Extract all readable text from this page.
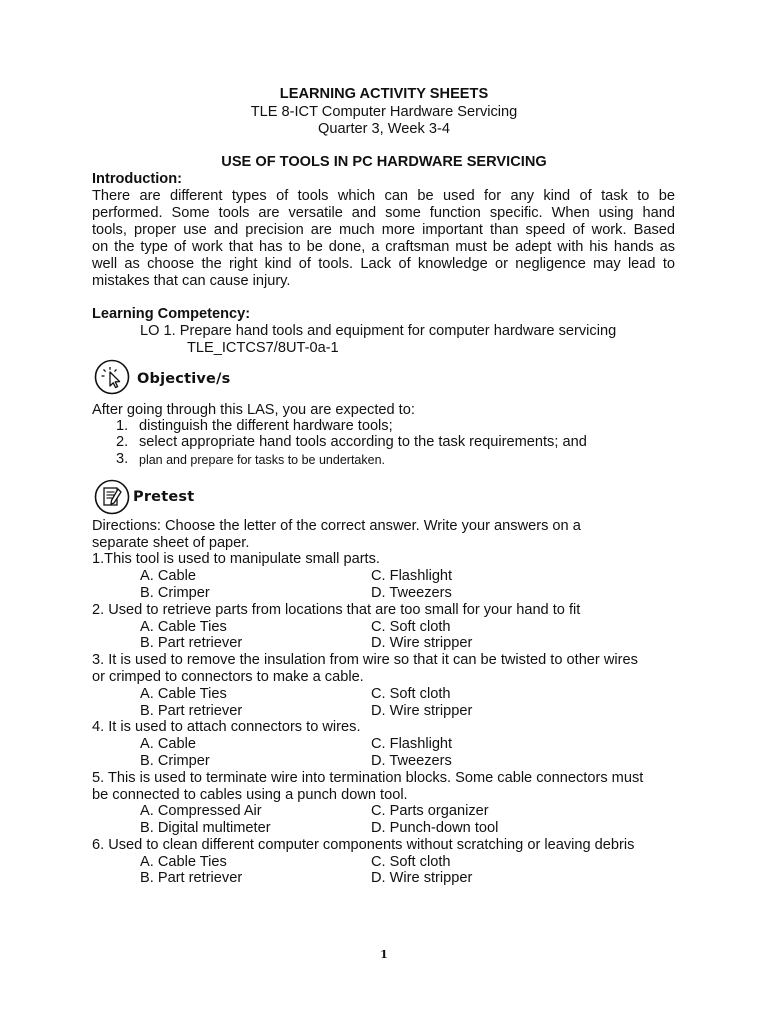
LEARNING ACTIVITY SHEETS
TLE 8-ICT Computer Hardware Servicing
Quarter 3, Week 3-4
USE OF TOOLS IN PC HARDWARE SERVICING
Introduction:
There are different types of tools which can be used for any kind of task to be
performed. Some tools are versatile and some function specific. When using hand
tools, proper use and precision are much more important than speed of work. Based
on the type of work that has to be done, a craftsman must be adept with his hands as
well as choose the right kind of tools. Lack of knowledge or negligence may lead to
mistakes that can cause injury.
Learning Competency:
LO 1. Prepare hand tools and equipment for computer hardware servicing
TLE_ICTCS7/8UT-0a-1
Objective/s
After going through this LAS, you are expected to:
1. distinguish the different hardware tools;
2. select appropriate hand tools according to the task requirements; and
3. plan and prepare for tasks to be undertaken.
Pretest
Directions: Choose the letter of the correct answer. Write your answers on a
separate sheet of paper.
1.This tool is used to manipulate small parts.
A. Cable	C. Flashlight
B. Crimper	D. Tweezers
2. Used to retrieve parts from locations that are too small for your hand to fit
A. Cable Ties	C. Soft cloth
B. Part retriever	D. Wire stripper
3. It is used to remove the insulation from wire so that it can be twisted to other wires
or crimped to connectors to make a cable.
A. Cable Ties	C. Soft cloth
B. Part retriever	D. Wire stripper
4. It is used to attach connectors to wires.
A. Cable	C. Flashlight
B. Crimper	D. Tweezers
5. This is used to terminate wire into termination blocks. Some cable connectors must
be connected to cables using a punch down tool.
A. Compressed Air	C. Parts organizer
B. Digital multimeter	D. Punch-down tool
6. Used to clean different computer components without scratching or leaving debris
A. Cable Ties	C. Soft cloth
B. Part retriever	D. Wire stripper
1
